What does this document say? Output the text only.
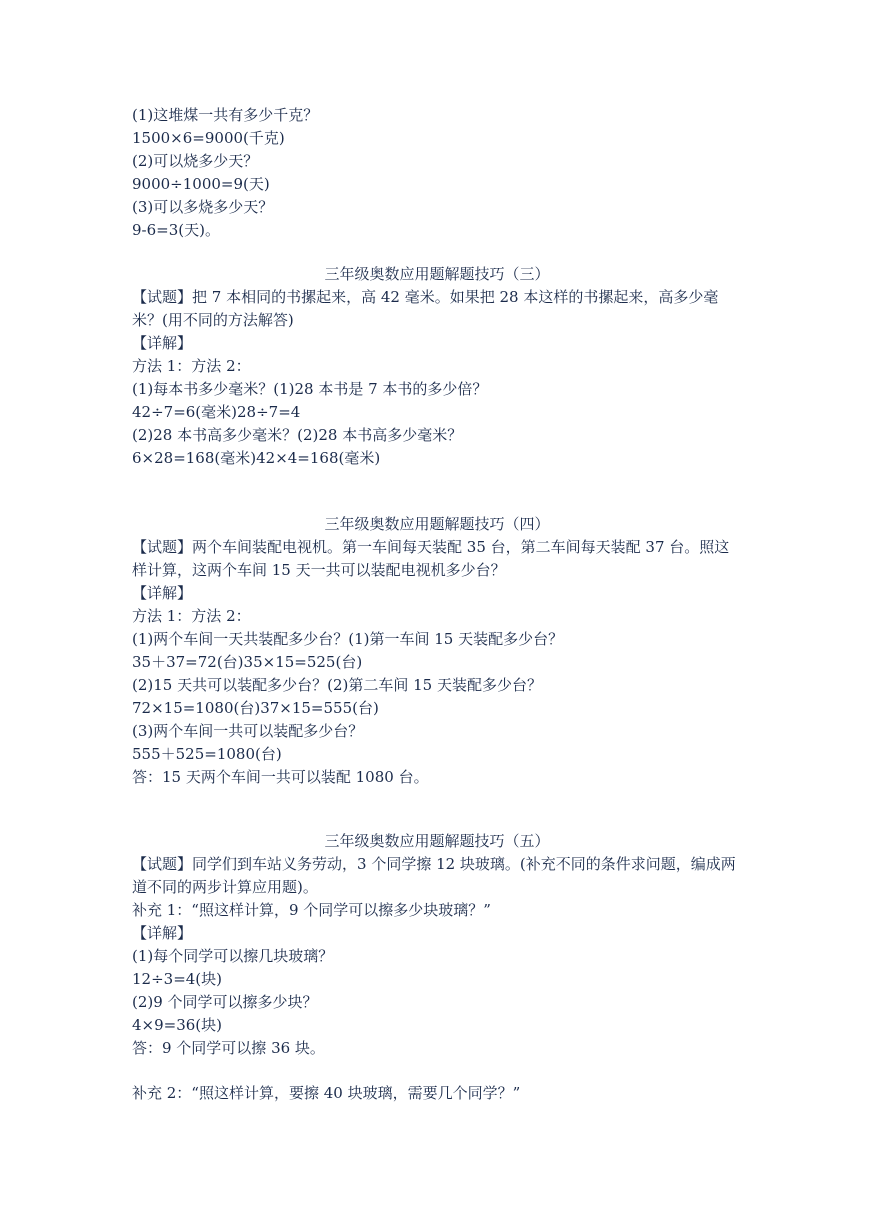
(1)这堆煤一共有多少千克？
1500×6=9000(千克)
(2)可以烧多少天？
9000÷1000=9(天)
(3)可以多烧多少天？
9-6=3(天)。
三年级奥数应用题解题技巧（三）
【试题】把 7 本相同的书摞起来，高 42 毫米。如果把 28 本这样的书摞起来，高多少毫米？(用不同的方法解答)
【详解】
方法 1：方法 2：
(1)每本书多少毫米？(1)28 本书是 7 本书的多少倍？
42÷7=6(毫米)28÷7=4
(2)28 本书高多少毫米？(2)28 本书高多少毫米？
6×28=168(毫米)42×4=168(毫米)
三年级奥数应用题解题技巧（四）
【试题】两个车间装配电视机。第一车间每天装配 35 台，第二车间每天装配 37 台。照这样计算，这两个车间 15 天一共可以装配电视机多少台？
【详解】
方法 1：方法 2：
(1)两个车间一天共装配多少台？(1)第一车间 15 天装配多少台？
35＋37=72(台)35×15=525(台)
(2)15 天共可以装配多少台？(2)第二车间 15 天装配多少台？
72×15=1080(台)37×15=555(台)
(3)两个车间一共可以装配多少台？
555＋525=1080(台)
答：15 天两个车间一共可以装配 1080 台。
三年级奥数应用题解题技巧（五）
【试题】同学们到车站义务劳动，3 个同学擦 12 块玻璃。(补充不同的条件求问题，编成两道不同的两步计算应用题)。
补充 1：“照这样计算，9 个同学可以擦多少块玻璃？”
【详解】
(1)每个同学可以擦几块玻璃？
12÷3=4(块)
(2)9 个同学可以擦多少块？
4×9=36(块)
答：9 个同学可以擦 36 块。
补充 2：“照这样计算，要擦 40 块玻璃，需要几个同学？”
